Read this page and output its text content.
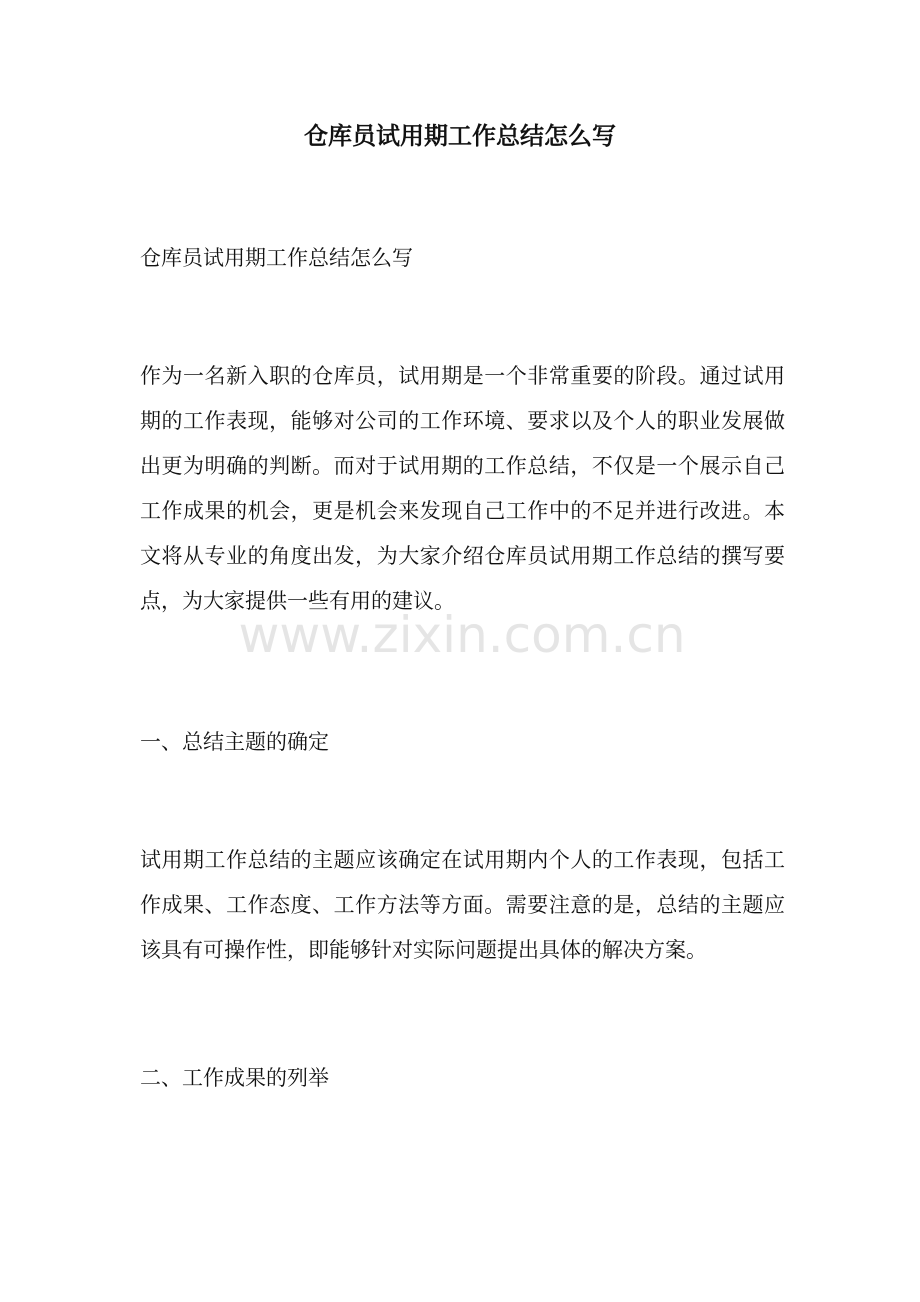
仓库员试用期工作总结怎么写

仓库员试用期工作总结怎么写

作为一名新入职的仓库员，试用期是一个非常重要的阶段。通过试用期的工作表现，能够对公司的工作环境、要求以及个人的职业发展做出更为明确的判断。而对于试用期的工作总结，不仅是一个展示自己工作成果的机会，更是机会来发现自己工作中的不足并进行改进。本文将从专业的角度出发，为大家介绍仓库员试用期工作总结的撰写要点，为大家提供一些有用的建议。

一、总结主题的确定

试用期工作总结的主题应该确定在试用期内个人的工作表现，包括工作成果、工作态度、工作方法等方面。需要注意的是，总结的主题应该具有可操作性，即能够针对实际问题提出具体的解决方案。

二、工作成果的列举

www.zixin.com.cn
